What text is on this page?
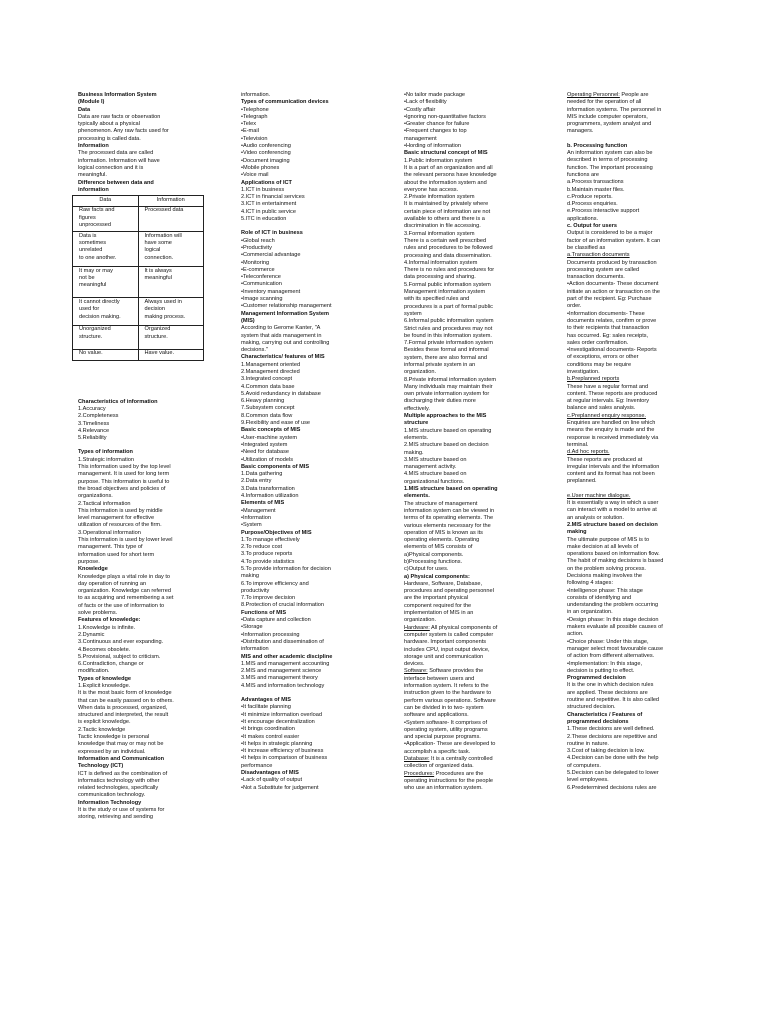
Business Information System
(Module I)
Data
Data are raw facts or observation
typically about a physical
phenomenon. Any raw facts used for
processing is called data.
Information
The processed data are called
information. Information will have
logical connection and it is
meaningful.
Difference between data and
information
Data	Information

Raw facts and
figures
unprocessed	Processed data

Data is
sometimes
unrelated
to one another.	Information will
have some
logical
connection.

It may or may
not be
meaningful	It is always
meaningful

It cannot directly
used for
decision making.	Always used in
decision
making process.

Unorganized
structure.	Organized
structure.

No value.	Have value.
Characteristics of information
1.Accuracy
2.Completeness
3.Timeliness
4.Relevance
5.Reliability
Types of information
1.Strategic information
This information used by the top level
management. It is used for long term
purpose. This information is useful to
the broad objectives and policies of
organizations.
2.Tactical information
This information is used by middle
level management for effective
utilization of resources of the firm.
3.Operational information
This information is used by lower level
management. This type of
information used for short term
purpose.
Knowledge
Knowledge plays a vital role in day to
day operation of running an
organization. Knowledge can referred
to as acquiring and remembering a set
of facts or the use of information to
solve problems.
Features of knowledge:
1.Knowledge is infinite.
2.Dynamic
3.Continuous and ever expanding.
4.Becomes obsolete.
5.Provisional, subject to criticism.
6.Contradiction, change or
modification.
Types of knowledge
1.Explicit knowledge.
It is the most basic form of knowledge
that can be easily passed on to others.
When data is processed, organized,
structured and interpreted, the result
is explicit knowledge.
2.Tactic knowledge
Tactic knowledge is personal
knowledge that may or may not be
expressed by an individual.
Information and Communication
Technology (ICT)
ICT is defined as the combination of
informatics technology with other
related technologies, specifically
communication technology.
Information Technology
It is the study or use of systems for
storing, retrieving and sending
information.
Types of communication devices
•Telephone
•Telegraph
•Telex
•E-mail
•Television
•Audio conferencing
•Video conferencing
•Document imaging
•Mobile phones
•Voice mail
Applications of ICT
1.ICT in business
2.ICT in financial services
3.ICT in entertainment
4.ICT in public service
5.ITC in education
Role of ICT in business
•Global reach
•Productivity
•Commercial advantage
•Monitoring
•E-commerce
•Teleconference
•Communication
•Inventory management
•Image scanning
•Customer relationship management
Management Information System
(MIS)
According to Gerome Kanter, "A
system that aids management in
making, carrying out and controlling
decisions."
Characteristics/ features of MIS
1.Management oriented
2.Management directed
3.Integrated concept
4.Common data base
5.Avoid redundancy in database
6.Heavy planning
7.Subsystem concept
8.Common data flow
9.Flexibility and ease of use
Basic concepts of MIS
•User-machine system
•Integrated system
•Need for database
•Utilization of models
Basic components of MIS
1.Data gathering
2.Data entry
3.Data transformation
4.Information utilization
Elements of MIS
•Management
•Information
•System
Purpose/Objectives of MIS
1.To manage effectively
2.To reduce cost
3.To produce reports
4.To provide statistics
5.To provide information for decision
making
6.To improve efficiency and
productivity
7.To improve decision
8.Protection of crucial information
Functions of MIS
•Data capture and collection
•Storage
•Information processing
•Distribution and dissemination of
information
MIS and other academic discipline
1.MIS and management accounting
2.MIS and management science
3.MIS and management theory
4.MIS and information technology
Advantages of MIS
•It facilitate planning
•It minimize information overload
•It encourage decentralization
•It brings coordination
•It makes control easier
•It helps in strategic planning
•It increase efficiency of business
•It helps in comparison of business
performance
Disadvantages of MIS
•Lack of quality of output
•Not a Substitute for judgement
•No tailor made package
•Lack of flexibility
•Costly affair
•Ignoring non-quantitative factors
•Greater chance for failure
•Frequent changes to top
management
•Hording of information
Basic structural concept of MIS
1.Public information system
It is a part of an organization and all
the relevant persons have knowledge
about the information system and
everyone has access.
2.Private information system
It is maintained by privately where
certain piece of information are not
available to others and there is a
discrimination in file accessing.
3.Formal information system
There is a certain well prescribed
rules and procedures to be followed
processing and data dissemination.
4.Informal information system
There is no rules and procedures for
data processing and sharing.
5.Formal public information system
Management information system
with its specified rules and
procedures is a part of formal public
system
6.Informal public information system
Strict rules and procedures may not
be found in this information system.
7.Formal private information system
Besides these formal and informal
system, there are also formal and
informal private system in an
organization.
8.Private informal information system
Many individuals may maintain their
own private information system for
discharging their duties more
effectively.
Multiple approaches to the MIS
structure
1.MIS structure based on operating
elements.
2.MIS structure based on decision
making.
3.MIS structure based on
management activity.
4.MIS structure based on
organizational functions.
1.MIS structure based on operating
elements.
The structure of management
information system can be viewed in
terms of its operating elements. The
various elements necessary for the
operation of MIS is known as its
operating elements. Operating
elements of MIS consists of
a)Physical components.
b)Processing functions.
c)Output for uses.
a) Physical components:
Hardware, Software, Database,
procedures and operating personnel
are the important physical
component required for the
implementation of MIS in an
organization.
Hardware: All physical components of
computer system is called computer
hardware. Important components
includes CPU, input output device,
storage unit and communication
devices.
Software: Software provides the
interface between users and
information system. It refers to the
instruction given to the hardware to
perform various operations. Software
can be divided in to two- system
software and applications.
•System software- It comprises of
operating system, utility programs
and special purpose programs.
•Application- These are developed to
accomplish a specific task.
Database: It is a centrally controlled
collection of organized data.
Procedures: Procedures are the
operating instructions for the people
who use an information system.
Operating Personnel: People are
needed for the operation of all
information systems. The personnel in
MIS include computer operators,
programmers, system analyst and
managers.
b. Processing function
An information system can also be
described in terms of processing
function. The important processing
functions are
a.Process transactions
b.Maintain master files.
c.Produce reports.
d.Process enquiries.
e.Process interactive support
applications.
c. Output for users
Output is considered to be a major
factor of an information system. It can
be classified as
a.Transaction documents
Documents produced by transaction
processing system are called
transaction documents.
•Action documents- These document
initiate an action or transaction on the
part of the recipient. Eg: Purchase
order.
•Information documents- These
documents relates, confirm or prove
to their recipients that transaction
has occurred. Eg: sales receipts,
sales order confirmation.
•Investigational documents- Reports
of exceptions, errors or other
conditions may be require
investigation.
b.Preplanned reports
These have a regular format and
content. These reports are produced
at regular intervals. Eg: Inventory
balance and sales analysis.
c.Preplanned enquiry response.
Enquiries are handled on line which
means the enquiry is made and the
response is received immediately via
terminal.
d.Ad hoc reports.
These reports are produced at
irregular intervals and the information
content and its format has not been
preplanned.
e.User machine dialogue.
It is essentially a way in which a user
can interact with a model to arrive at
an analysis or solution.
2.MIS structure based on decision
making
The ultimate purpose of MIS is to
make decision at all levels of
operations based on information flow.
The habit of making decisions is based
on the problem solving process.
Decisions making involves the
following 4 stages:
•Intelligence phase: This stage
consists of identifying and
understanding the problem occurring
in an organization.
•Design phase: In this stage decision
makers evaluate all possible causes of
action.
•Choice phase: Under this stage,
manager select most favourable cause
of action from different alternatives.
•Implementation: In this stage,
decision is putting to effect.
Programmed decision
It is the one in which decision rules
are applied. These decisions are
routine and repetitive. It is also called
structured decision.
Characteristics / Features of
programmed decisions
1.These decisions are well defined.
2.These decisions are repetitive and
routine in nature.
3.Cost of taking decision is low.
4.Decision can be done with the help
of computers.
5.Decision can be delegated to lower
level employees.
6.Predetermined decisions rules are
